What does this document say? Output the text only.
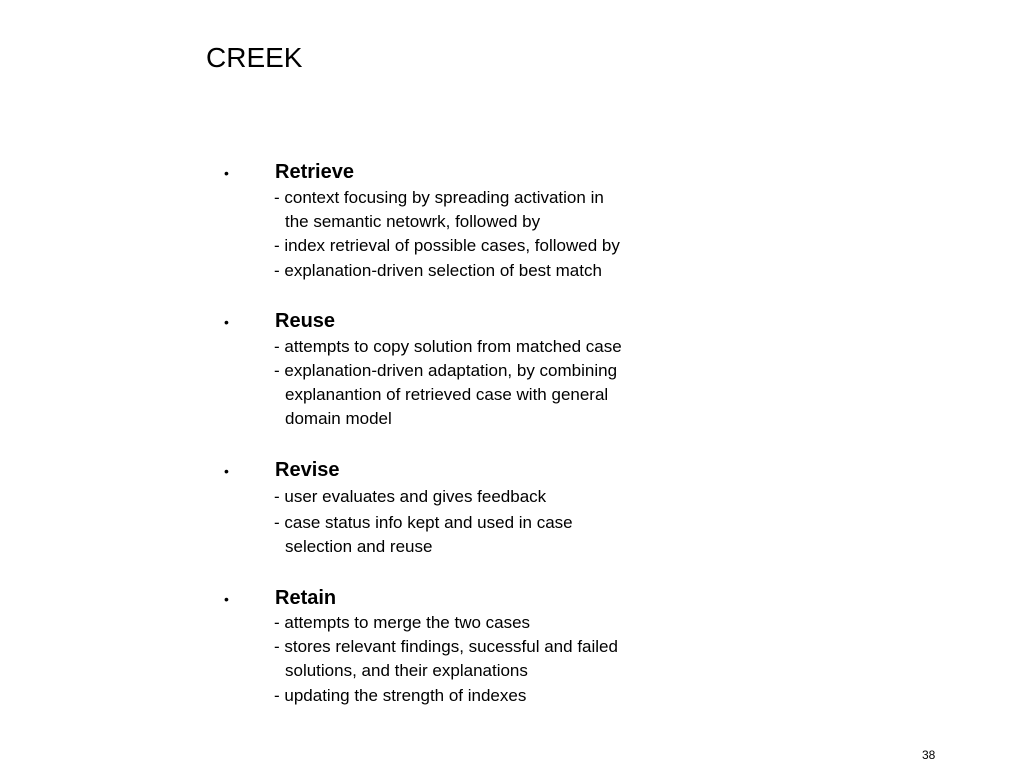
CREEK
• Retrieve
- context focusing by spreading activation in
the semantic netowrk, followed by
- index retrieval of possible cases, followed by
- explanation-driven selection of best match
• Reuse
- attempts to copy solution from matched case
- explanation-driven adaptation, by combining
explanantion of retrieved case with general
domain model
• Revise
- user evaluates and gives feedback
- case status info kept and used in case
selection and reuse
• Retain
- attempts to merge the two cases
- stores relevant findings, sucessful and failed
solutions, and their explanations
- updating the strength of indexes
38
